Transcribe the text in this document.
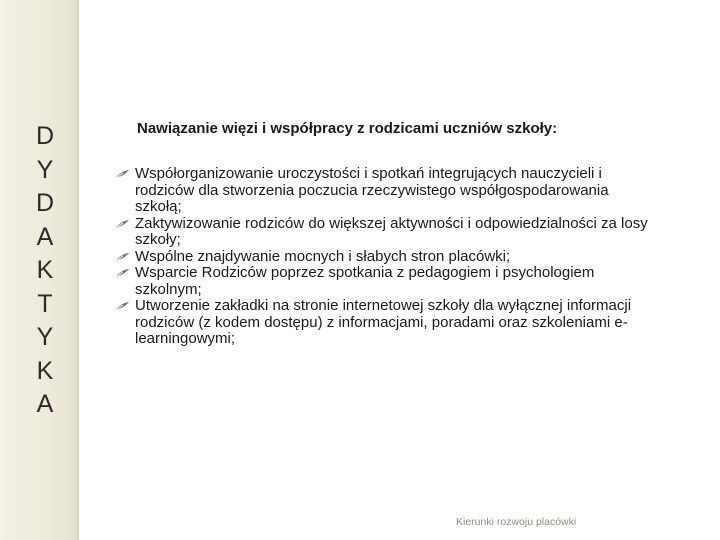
D
Y
D
A
K
T
Y
K
A
Nawiązanie więzi i współpracy z rodzicami uczniów szkoły:
Współorganizowanie uroczystości i spotkań integrujących nauczycieli i rodziców dla stworzenia poczucia rzeczywistego współgospodarowania szkołą;
Zaktywizowanie rodziców do większej aktywności i odpowiedzialności za losy szkoły;
Wspólne znajdywanie mocnych i słabych stron placówki;
Wsparcie Rodziców poprzez spotkania z pedagogiem i psychologiem szkolnym;
Utworzenie zakładki na stronie internetowej szkoły dla wyłącznej informacji rodziców (z kodem dostępu) z informacjami, poradami oraz szkoleniami e-learningowymi;
Kierunki rozwoju placówki
